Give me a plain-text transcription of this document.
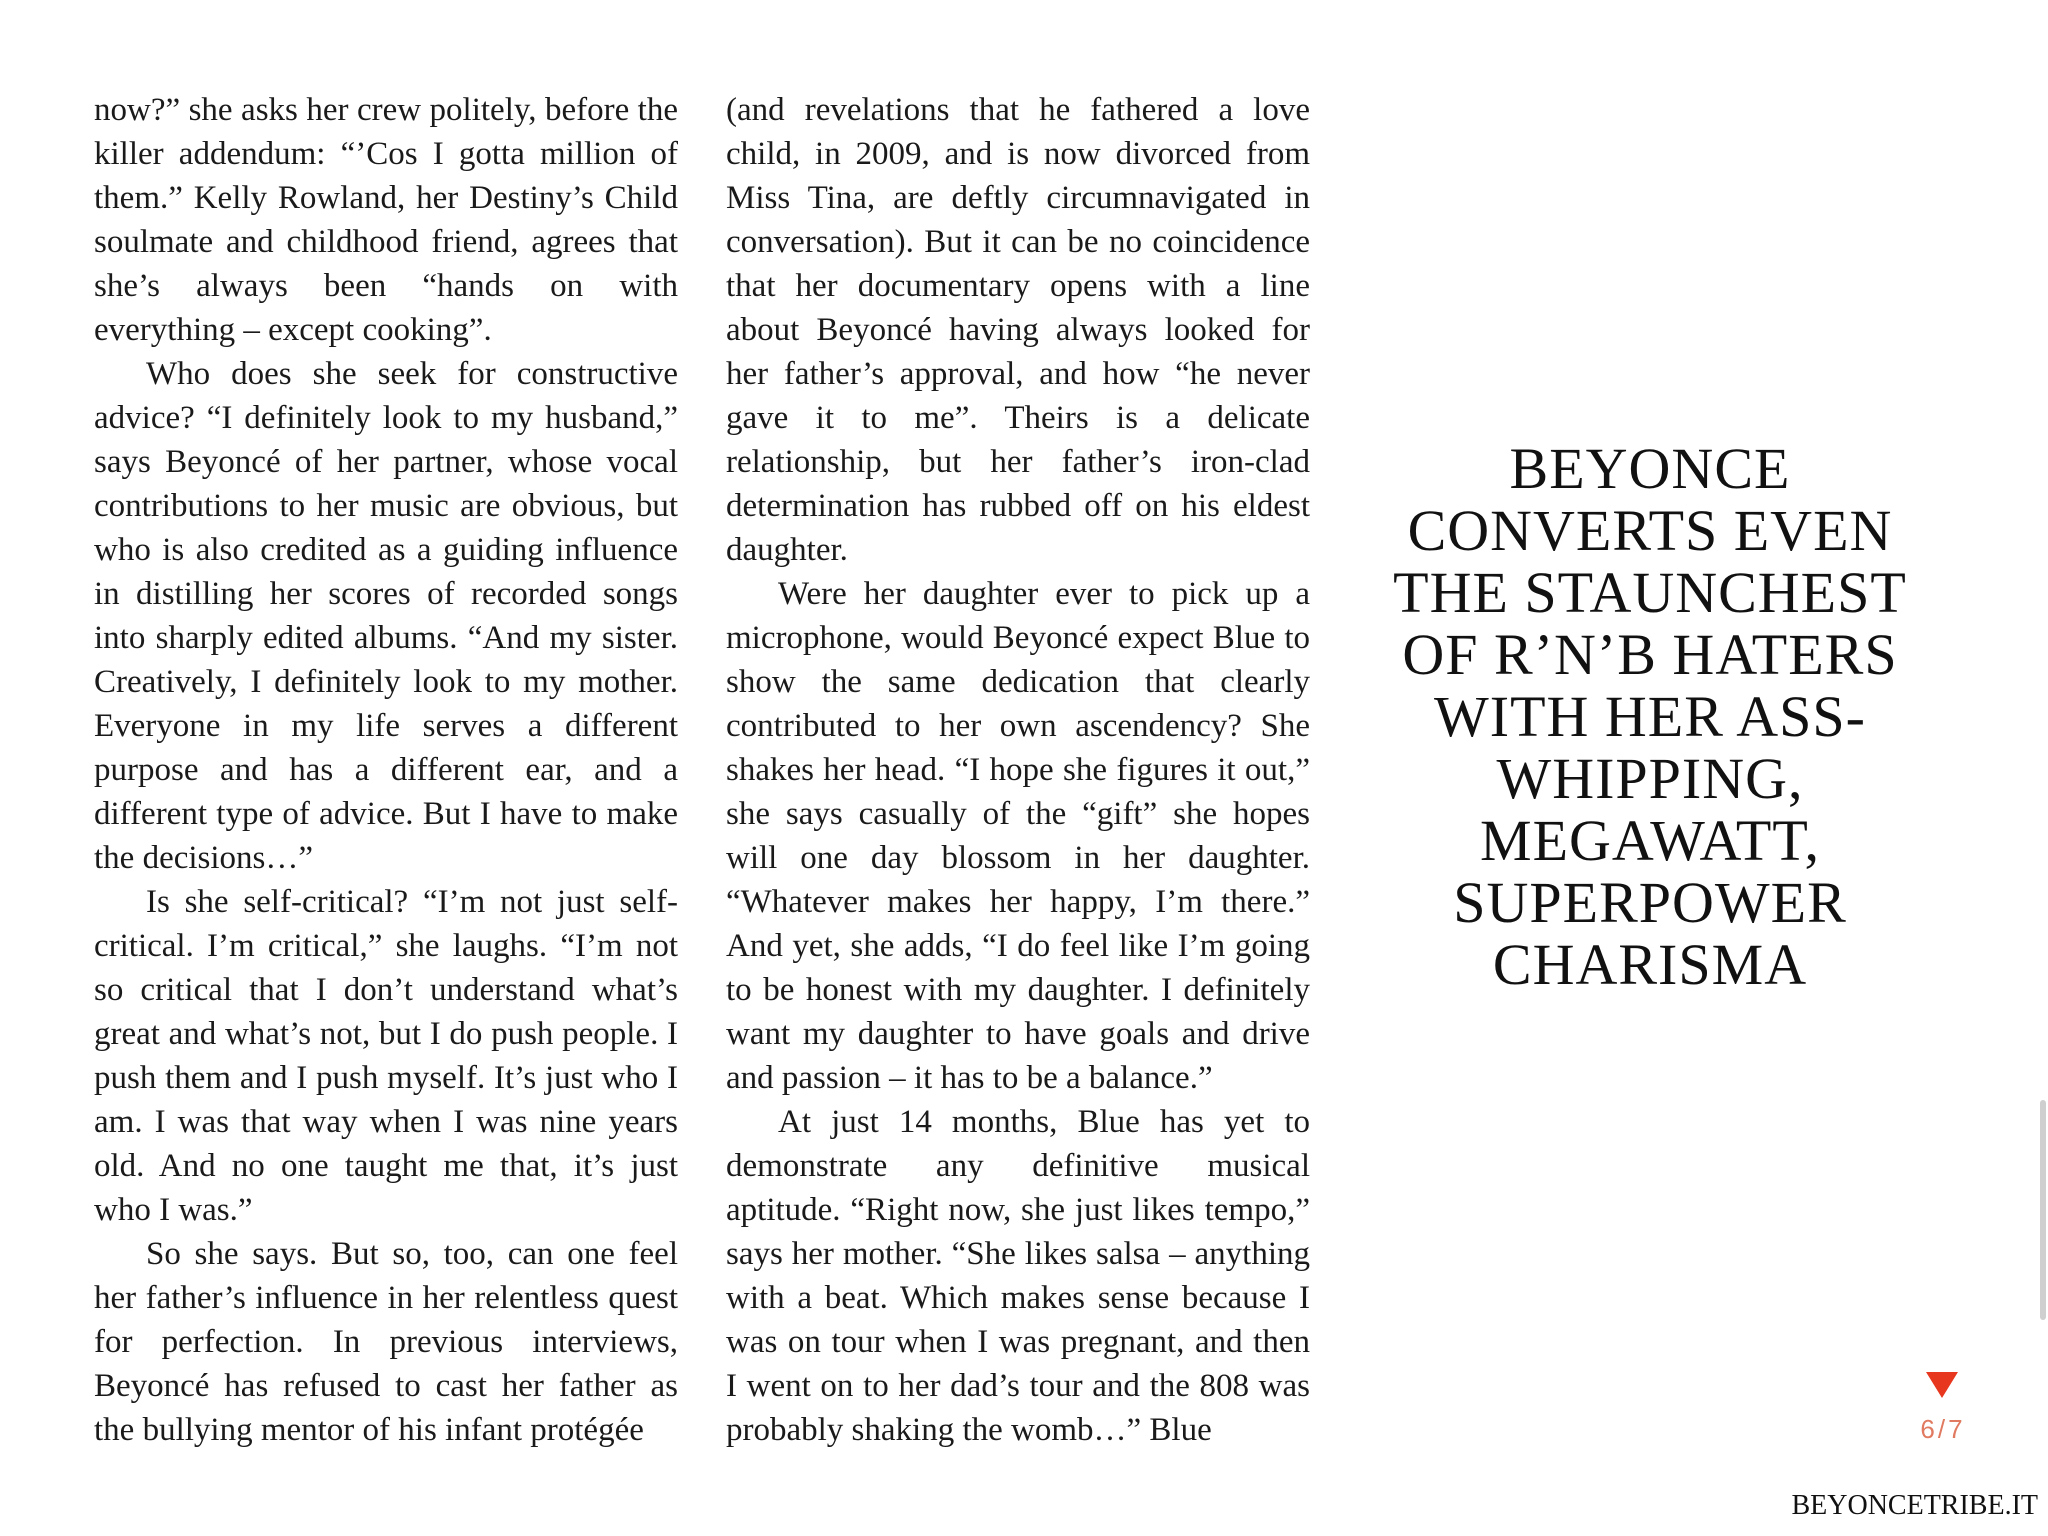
now?” she asks her crew politely, before the killer addendum: “’Cos I gotta million of them.” Kelly Rowland, her Destiny’s Child soulmate and childhood friend, agrees that she’s always been “hands on with everything – except cooking”.

Who does she seek for constructive advice? “I definitely look to my husband,” says Beyoncé of her partner, whose vocal contributions to her music are obvious, but who is also credited as a guiding influence in distilling her scores of recorded songs into sharply edited albums. “And my sister. Creatively, I definitely look to my mother. Everyone in my life serves a different purpose and has a different ear, and a different type of advice. But I have to make the decisions…”

Is she self-critical? “I’m not just self-critical. I’m critical,” she laughs. “I’m not so critical that I don’t understand what’s great and what’s not, but I do push people. I push them and I push myself. It’s just who I am. I was that way when I was nine years old. And no one taught me that, it’s just who I was.”

So she says. But so, too, can one feel her father’s influence in her relentless quest for perfection. In previous interviews, Beyoncé has refused to cast her father as the bullying mentor of his infant protégée

(and revelations that he fathered a love child, in 2009, and is now divorced from Miss Tina, are deftly circumnavigated in conversation). But it can be no coincidence that her documentary opens with a line about Beyoncé having always looked for her father’s approval, and how “he never gave it to me”. Theirs is a delicate relationship, but her father’s iron-clad determination has rubbed off on his eldest daughter.

Were her daughter ever to pick up a microphone, would Beyoncé expect Blue to show the same dedication that clearly contributed to her own ascendency? She shakes her head. “I hope she figures it out,” she says casually of the “gift” she hopes will one day blossom in her daughter. “Whatever makes her happy, I’m there.” And yet, she adds, “I do feel like I’m going to be honest with my daughter. I definitely want my daughter to have goals and drive and passion – it has to be a balance.”

At just 14 months, Blue has yet to demonstrate any definitive musical aptitude. “Right now, she just likes tempo,” says her mother. “She likes salsa – anything with a beat. Which makes sense because I was on tour when I was pregnant, and then I went on to her dad’s tour and the 808 was probably shaking the womb…” Blue

BEYONCE CONVERTS EVEN THE STAUNCHEST OF R’N’B HATERS WITH HER ASS-WHIPPING, MEGAWATT, SUPERPOWER CHARISMA
6/7
BEYONCETRIBE.IT
